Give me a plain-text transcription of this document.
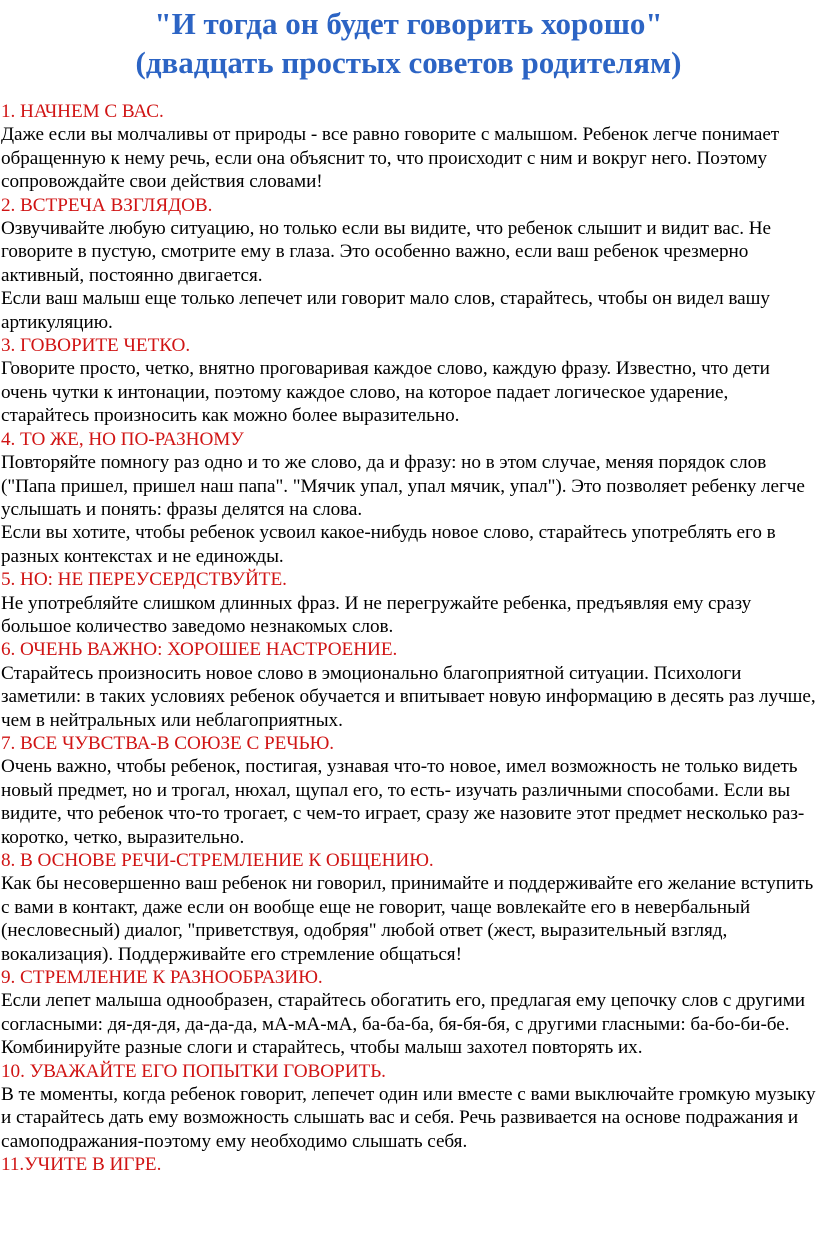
"И тогда он будет говорить хорошо"
(двадцать простых советов родителям)

1. НАЧНЕМ С ВАС.

Даже если вы молчаливы от природы - все равно говорите с малышом. Ребенок легче понимает обращенную к нему речь, если она объяснит то, что происходит с ним и вокруг него. Поэтому сопровождайте свои действия словами!

2. ВСТРЕЧА ВЗГЛЯДОВ.

Озвучивайте любую ситуацию, но только если вы видите, что ребенок слышит и видит вас. Не говорите в пустую, смотрите ему в глаза. Это особенно важно, если ваш ребенок чрезмерно активный, постоянно двигается.

Если ваш малыш еще только лепечет или говорит мало слов, старайтесь, чтобы он видел вашу артикуляцию.

3. ГОВОРИТЕ ЧЕТКО.

Говорите просто, четко, внятно проговаривая каждое слово, каждую фразу. Известно, что дети очень чутки к интонации, поэтому каждое слово, на которое падает логическое ударение, старайтесь произносить как можно более выразительно.

4. ТО ЖЕ, НО ПО-РАЗНОМУ

Повторяйте помногу раз одно и то же слово, да и фразу: но в этом случае, меняя порядок слов ("Папа пришел, пришел наш папа". "Мячик упал, упал мячик, упал"). Это позволяет ребенку легче услышать и понять: фразы делятся на слова.

Если вы хотите, чтобы ребенок усвоил какое-нибудь новое слово, старайтесь употреблять его в разных контекстах и не единожды.

5. НО: НЕ ПЕРЕУСЕРДСТВУЙТЕ.

Не употребляйте слишком длинных фраз. И не перегружайте ребенка, предъявляя ему сразу большое количество заведомо незнакомых слов.

6. ОЧЕНЬ ВАЖНО: ХОРОШЕЕ НАСТРОЕНИЕ.

Старайтесь произносить новое слово в эмоционально благоприятной ситуации. Психологи заметили: в таких условиях ребенок обучается и впитывает новую информацию в десять раз лучше, чем в нейтральных или неблагоприятных.

7. ВСЕ ЧУВСТВА-В СОЮЗЕ С РЕЧЬЮ.

Очень важно, чтобы ребенок, постигая, узнавая что-то новое, имел возможность не только видеть новый предмет, но и трогал, нюхал, щупал его, то есть- изучать различными способами. Если вы видите, что ребенок что-то трогает, с чем-то играет, сразу же назовите этот предмет несколько раз-коротко, четко, выразительно.

8. В ОСНОВЕ РЕЧИ-СТРЕМЛЕНИЕ К ОБЩЕНИЮ.

Как бы несовершенно ваш ребенок ни говорил, принимайте и поддерживайте его желание вступить с вами в контакт, даже если он вообще еще не говорит, чаще вовлекайте его в невербальный (несловесный) диалог, "приветствуя, одобряя" любой ответ (жест, выразительный взгляд, вокализация). Поддерживайте его стремление общаться!

9. СТРЕМЛЕНИЕ К РАЗНООБРАЗИЮ.

Если лепет малыша однообразен, старайтесь обогатить его, предлагая ему цепочку слов с другими согласными: дя-дя-дя, да-да-да, мА-мА-мА, ба-ба-ба, бя-бя-бя, с другими гласными: ба-бо-би-бе. Комбинируйте разные слоги и старайтесь, чтобы малыш захотел повторять их.

10. УВАЖАЙТЕ ЕГО ПОПЫТКИ ГОВОРИТЬ.

В те моменты, когда ребенок говорит, лепечет один или вместе с вами выключайте громкую музыку и старайтесь дать ему возможность слышать вас и себя. Речь развивается на основе подражания и самоподражания-поэтому ему необходимо слышать себя.

11.УЧИТЕ В ИГРЕ.
